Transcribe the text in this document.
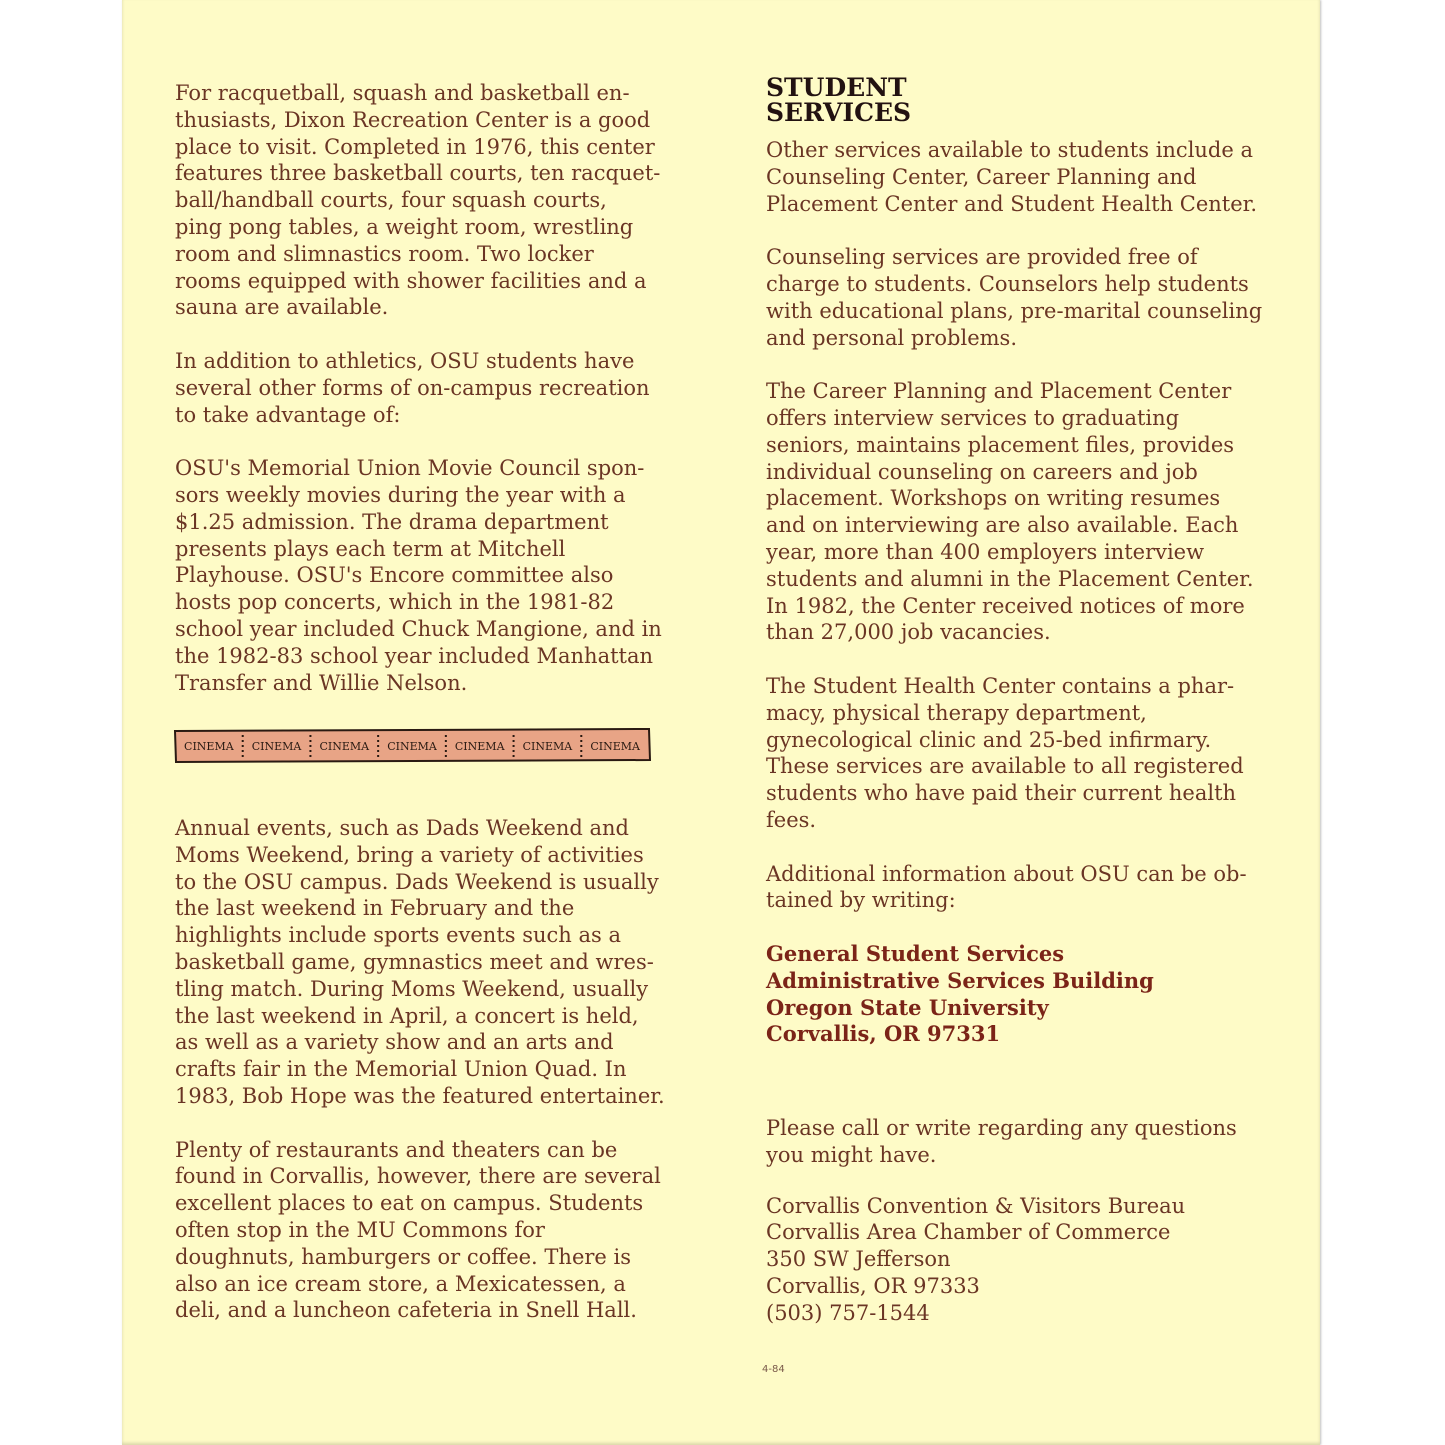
For racquetball, squash and basketball en-
thusiasts, Dixon Recreation Center is a good
place to visit. Completed in 1976, this center
features three basketball courts, ten racquet-
ball/handball courts, four squash courts,
ping pong tables, a weight room, wrestling
room and slimnastics room. Two locker
rooms equipped with shower facilities and a
sauna are available.

In addition to athletics, OSU students have
several other forms of on-campus recreation
to take advantage of:

OSU's Memorial Union Movie Council spon-
sors weekly movies during the year with a
$1.25 admission. The drama department
presents plays each term at Mitchell
Playhouse. OSU's Encore committee also
hosts pop concerts, which in the 1981-82
school year included Chuck Mangione, and in
the 1982-83 school year included Manhattan
Transfer and Willie Nelson.

CINEMA CINEMA CINEMA CINEMA CINEMA CINEMA CINEMA

Annual events, such as Dads Weekend and
Moms Weekend, bring a variety of activities
to the OSU campus. Dads Weekend is usually
the last weekend in February and the
highlights include sports events such as a
basketball game, gymnastics meet and wres-
tling match. During Moms Weekend, usually
the last weekend in April, a concert is held,
as well as a variety show and an arts and
crafts fair in the Memorial Union Quad. In
1983, Bob Hope was the featured entertainer.

Plenty of restaurants and theaters can be
found in Corvallis, however, there are several
excellent places to eat on campus. Students
often stop in the MU Commons for
doughnuts, hamburgers or coffee. There is
also an ice cream store, a Mexicatessen, a
deli, and a luncheon cafeteria in Snell Hall.

STUDENT
SERVICES

Other services available to students include a
Counseling Center, Career Planning and
Placement Center and Student Health Center.

Counseling services are provided free of
charge to students. Counselors help students
with educational plans, pre-marital counseling
and personal problems.

The Career Planning and Placement Center
offers interview services to graduating
seniors, maintains placement files, provides
individual counseling on careers and job
placement. Workshops on writing resumes
and on interviewing are also available. Each
year, more than 400 employers interview
students and alumni in the Placement Center.
In 1982, the Center received notices of more
than 27,000 job vacancies.

The Student Health Center contains a phar-
macy, physical therapy department,
gynecological clinic and 25-bed infirmary.
These services are available to all registered
students who have paid their current health
fees.

Additional information about OSU can be ob-
tained by writing:

General Student Services
Administrative Services Building
Oregon State University
Corvallis, OR 97331

Please call or write regarding any questions
you might have.

Corvallis Convention & Visitors Bureau
Corvallis Area Chamber of Commerce
350 SW Jefferson
Corvallis, OR 97333
(503) 757-1544

4-84
